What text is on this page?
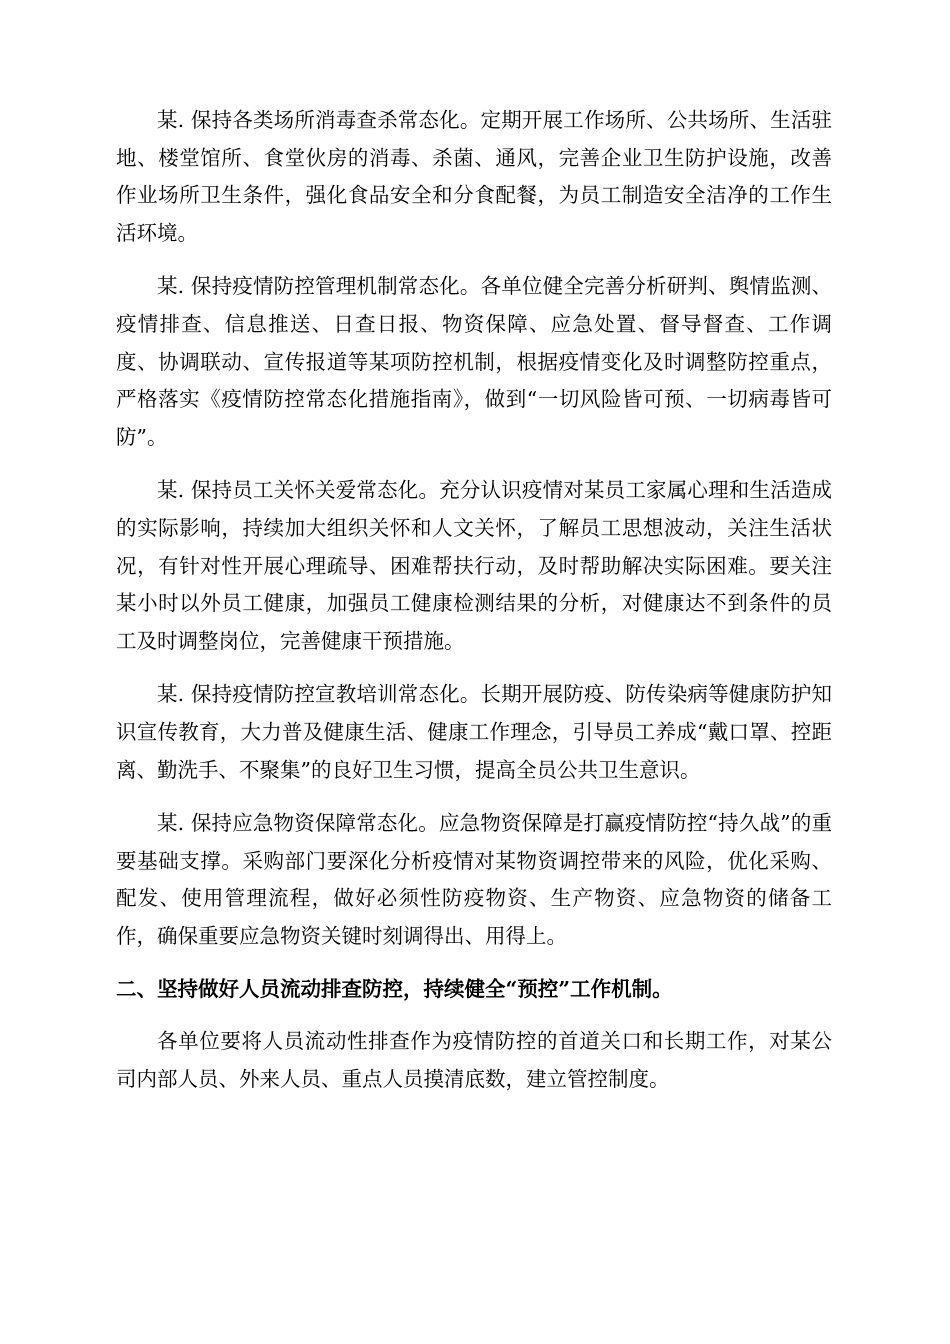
某. 保持各类场所消毒查杀常态化。定期开展工作场所、公共场所、生活驻地、楼堂馆所、食堂伙房的消毒、杀菌、通风，完善企业卫生防护设施，改善作业场所卫生条件，强化食品安全和分食配餐，为员工制造安全洁净的工作生活环境。

某. 保持疫情防控管理机制常态化。各单位健全完善分析研判、舆情监测、疫情排查、信息推送、日查日报、物资保障、应急处置、督导督查、工作调度、协调联动、宣传报道等某项防控机制，根据疫情变化及时调整防控重点，严格落实《疫情防控常态化措施指南》，做到“一切风险皆可预、一切病毒皆可防”。

某. 保持员工关怀关爱常态化。充分认识疫情对某员工家属心理和生活造成的实际影响，持续加大组织关怀和人文关怀，了解员工思想波动，关注生活状况，有针对性开展心理疏导、困难帮扶行动，及时帮助解决实际困难。要关注某小时以外员工健康，加强员工健康检测结果的分析，对健康达不到条件的员工及时调整岗位，完善健康干预措施。

某. 保持疫情防控宣教培训常态化。长期开展防疫、防传染病等健康防护知识宣传教育，大力普及健康生活、健康工作理念，引导员工养成“戴口罩、控距离、勤洗手、不聚集”的良好卫生习惯，提高全员公共卫生意识。

某. 保持应急物资保障常态化。应急物资保障是打赢疫情防控“持久战”的重要基础支撑。采购部门要深化分析疫情对某物资调控带来的风险，优化采购、配发、使用管理流程，做好必须性防疫物资、生产物资、应急物资的储备工作，确保重要应急物资关键时刻调得出、用得上。

二、坚持做好人员流动排查防控，持续健全“预控”工作机制。

各单位要将人员流动性排查作为疫情防控的首道关口和长期工作，对某公司内部人员、外来人员、重点人员摸清底数，建立管控制度。
